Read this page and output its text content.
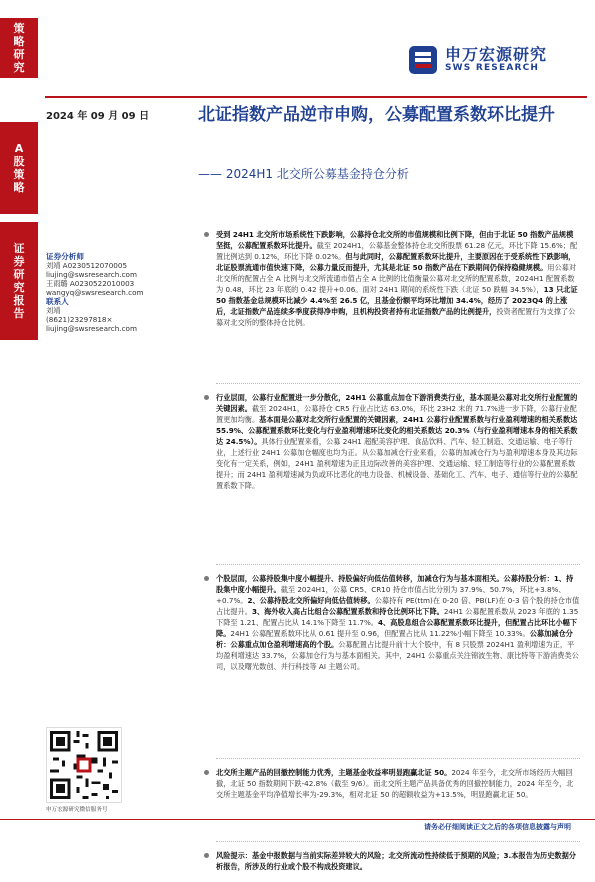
策
略
研
究
A
股
策
略
证
券
研
究
报
告
申万宏源研究
SWS RESEARCH
2024 年 09 月 09 日	北证指数产品逆市申购，公募配置系数环比提升
—— 2024H1 北交所公募基金持仓分析
证券分析师
刘靖 A0230512070005
liujing@swsresearch.com
王雨璐 A0230522010003
wangyq@swsresearch.com
联系人
刘靖
(8621)23297818×
liujing@swsresearch.com
受到 24H1 北交所市场系统性下跌影响，公募持仓北交所的市值规模和比例下降，但由于北证 50 指数产品规模坚挺，公募配置系数环比提升。截至 2024H1，公募基金整体持仓北交所股票 61.28 亿元，环比下降 15.6%；配置比例达到 0.12%，环比下降 0.02%。但与此同时，公募配置系数环比提升，主要原因在于受系统性下跌影响，北证股票流通市值快速下降，公募力量反而提升，尤其是北证 50 指数产品在下跌期间仍保持稳健规模。用公募对北交所的配置占全 A 比例与北交所流通市值占全 A 比例的比值衡量公募对北交所的配置系数，2024H1 配置系数为 0.48，环比 23 年底的 0.42 提升+0.06。面对 24H1 期间的系统性下跌（北证 50 跌幅 34.5%），13 只北证 50 指数基金总规模环比减少 4.4%至 26.5 亿，且基金份额平均环比增加 34.4%，经历了 2023Q4 的上涨后，北证指数产品连续多季度获得净申购，且机构投资者持有北证指数产品的比例提升，投资者配置行为支撑了公募对北交所的整体持仓比例。
行业层面，公募行业配置进一步分散化，24H1 公募重点加仓下游消费类行业，基本面是公募对北交所行业配置的关键因素。截至 2024H1，公募持仓 CR5 行业占比达 63.0%，环比 23H2 末的 71.7%进一步下降，公募行业配置更加均衡。基本面是公募对北交所行业配置的关键因素，24H1 公募行业配置系数与行业盈利增速的相关系数达 55.9%、公募配置系数环比变化与行业盈利增速环比变化的相关系数达 20.3%（与行业盈利增速本身的相关系数达 24.5%）。具体行业配置来看，公募 24H1 超配美容护理、食品饮料、汽车、轻工制造、交通运输、电子等行业，上述行业 24H1 公募加仓幅度也均为正。从公募加减仓行业来看，公募的加减仓行为与盈利增速本身及其边际变化有一定关系，例如，24H1 盈利增速为正且边际改善的美容护理、交通运输、轻工制造等行业的公募配置系数提升；而 24H1 盈利增速减为负或环比恶化的电力设备、机械设备、基础化工、汽车、电子、通信等行业的公募配置系数下降。
个股层面，公募持股集中度小幅提升、持股偏好向低估值转移，加减仓行为与基本面相关。公募持股分析：1、持股集中度小幅提升。截至 2024H1，公募 CR5、CR10 持仓市值占比分别为 37.9%、50.7%，环比+3.8%、+0.7%。2、公募持股北交所偏好向低估值转移。公募持有 PE(ttm)在 0-20 倍、PB(LF)在 0-3 倍个股的持仓市值占比提升。3、海外收入高占比组合公募配置系数和持仓比例环比下降。24H1 公募配置系数从 2023 年底的 1.35 下降至 1.21、配置占比从 14.1%下降至 11.7%。4、高股息组合公募配置系数环比提升，但配置占比环比小幅下降。24H1 公募配置系数环比从 0.61 提升至 0.96，但配置占比从 11.22%小幅下降至 10.33%。公募加减仓分析：公募重点加仓盈利增速高的个股。公募配置占比提升前十大个股中，有 8 只股票 2024H1 盈利增速为正，平均盈利增速达 33.7%，公募加仓行为与基本面相关。其中，24H1 公募重点关注锦波生物、康比特等下游消费类公司，以及曙光数创、并行科技等 AI 主题公司。
北交所主题产品的回撤控制能力优秀，主题基金收益率明显跑赢北证 50。2024 年至今，北交所市场经历大幅回撤，北证 50 指数期间下跌-42.8%（截至 9/6）。而北交所主题产品具备优秀的回撤控制能力，2024 年至今，北交所主题基金平均净值增长率为-29.3%，相对北证 50 的超额收益为+13.5%，明显跑赢北证 50。
风险提示：基金中报数据与当前实际差异较大的风险；北交所流动性持续低于预期的风险；3.本报告为历史数据分析报告，所涉及的行业或个股不构成投资建议。
申万宏源研究微信服务号
请务必仔细阅读正文之后的各项信息披露与声明
